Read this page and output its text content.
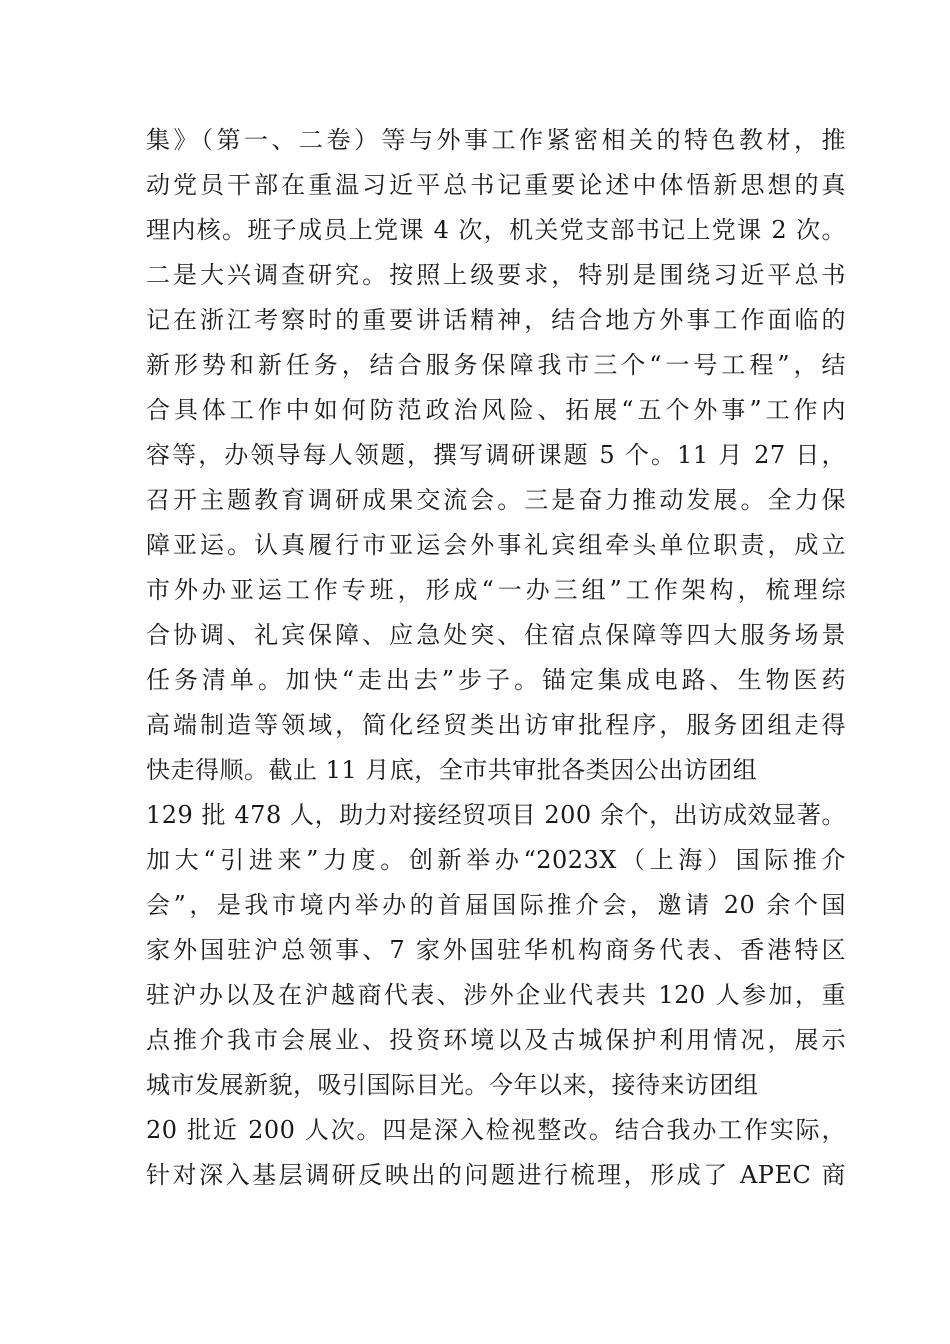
集》（第一、二卷）等与外事工作紧密相关的特色教材，推
动党员干部在重温习近平总书记重要论述中体悟新思想的真
理内核。班子成员上党课 4 次，机关党支部书记上党课 2 次。
二是大兴调查研究。按照上级要求，特别是围绕习近平总书
记在浙江考察时的重要讲话精神，结合地方外事工作面临的
新形势和新任务，结合服务保障我市三个“一号工程”，结
合具体工作中如何防范政治风险、拓展“五个外事”工作内
容等，办领导每人领题，撰写调研课题 5 个。11 月 27 日，
召开主题教育调研成果交流会。三是奋力推动发展。全力保
障亚运。认真履行市亚运会外事礼宾组牵头单位职责，成立
市外办亚运工作专班，形成“一办三组”工作架构，梳理综
合协调、礼宾保障、应急处突、住宿点保障等四大服务场景
任务清单。加快“走出去”步子。锚定集成电路、生物医药
高端制造等领域，简化经贸类出访审批程序，服务团组走得
快走得顺。截止 11 月底，全市共审批各类因公出访团组
129 批 478 人，助力对接经贸项目 200 余个，出访成效显著。
加大“引进来”力度。创新举办“2023X（上海）国际推介
会”，是我市境内举办的首届国际推介会，邀请 20 余个国
家外国驻沪总领事、7 家外国驻华机构商务代表、香港特区
驻沪办以及在沪越商代表、涉外企业代表共 120 人参加，重
点推介我市会展业、投资环境以及古城保护利用情况，展示
城市发展新貌，吸引国际目光。今年以来，接待来访团组
20 批近 200 人次。四是深入检视整改。结合我办工作实际，
针对深入基层调研反映出的问题进行梳理，形成了 APEC 商
